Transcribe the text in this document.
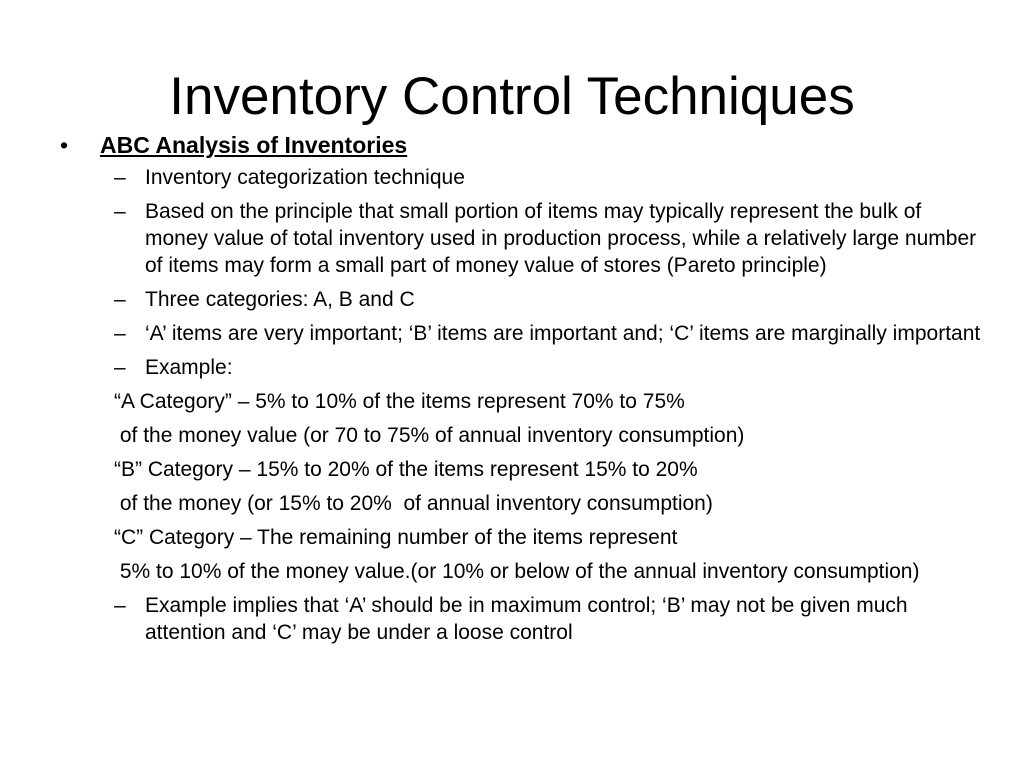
Inventory Control Techniques
• ABC Analysis of Inventories
– Inventory categorization technique
– Based on the principle that small portion of items may typically represent the bulk of money value of total inventory used in production process, while a relatively large number of items may form a small part of money value of stores (Pareto principle)
– Three categories: A, B and C
– ‘A’ items are very important; ‘B’ items are important and; ‘C’ items are marginally important
– Example:
“A Category” – 5% to 10% of the items represent 70% to 75%
of the money value (or 70 to 75% of annual inventory consumption)
“B” Category – 15% to 20% of the items represent 15% to 20%
of the money (or 15% to 20%  of annual inventory consumption)
“C” Category – The remaining number of the items represent
5% to 10% of the money value.(or 10% or below of the annual inventory consumption)
– Example implies that ‘A’ should be in maximum control; ‘B’ may not be given much attention and ‘C’ may be under a loose control
